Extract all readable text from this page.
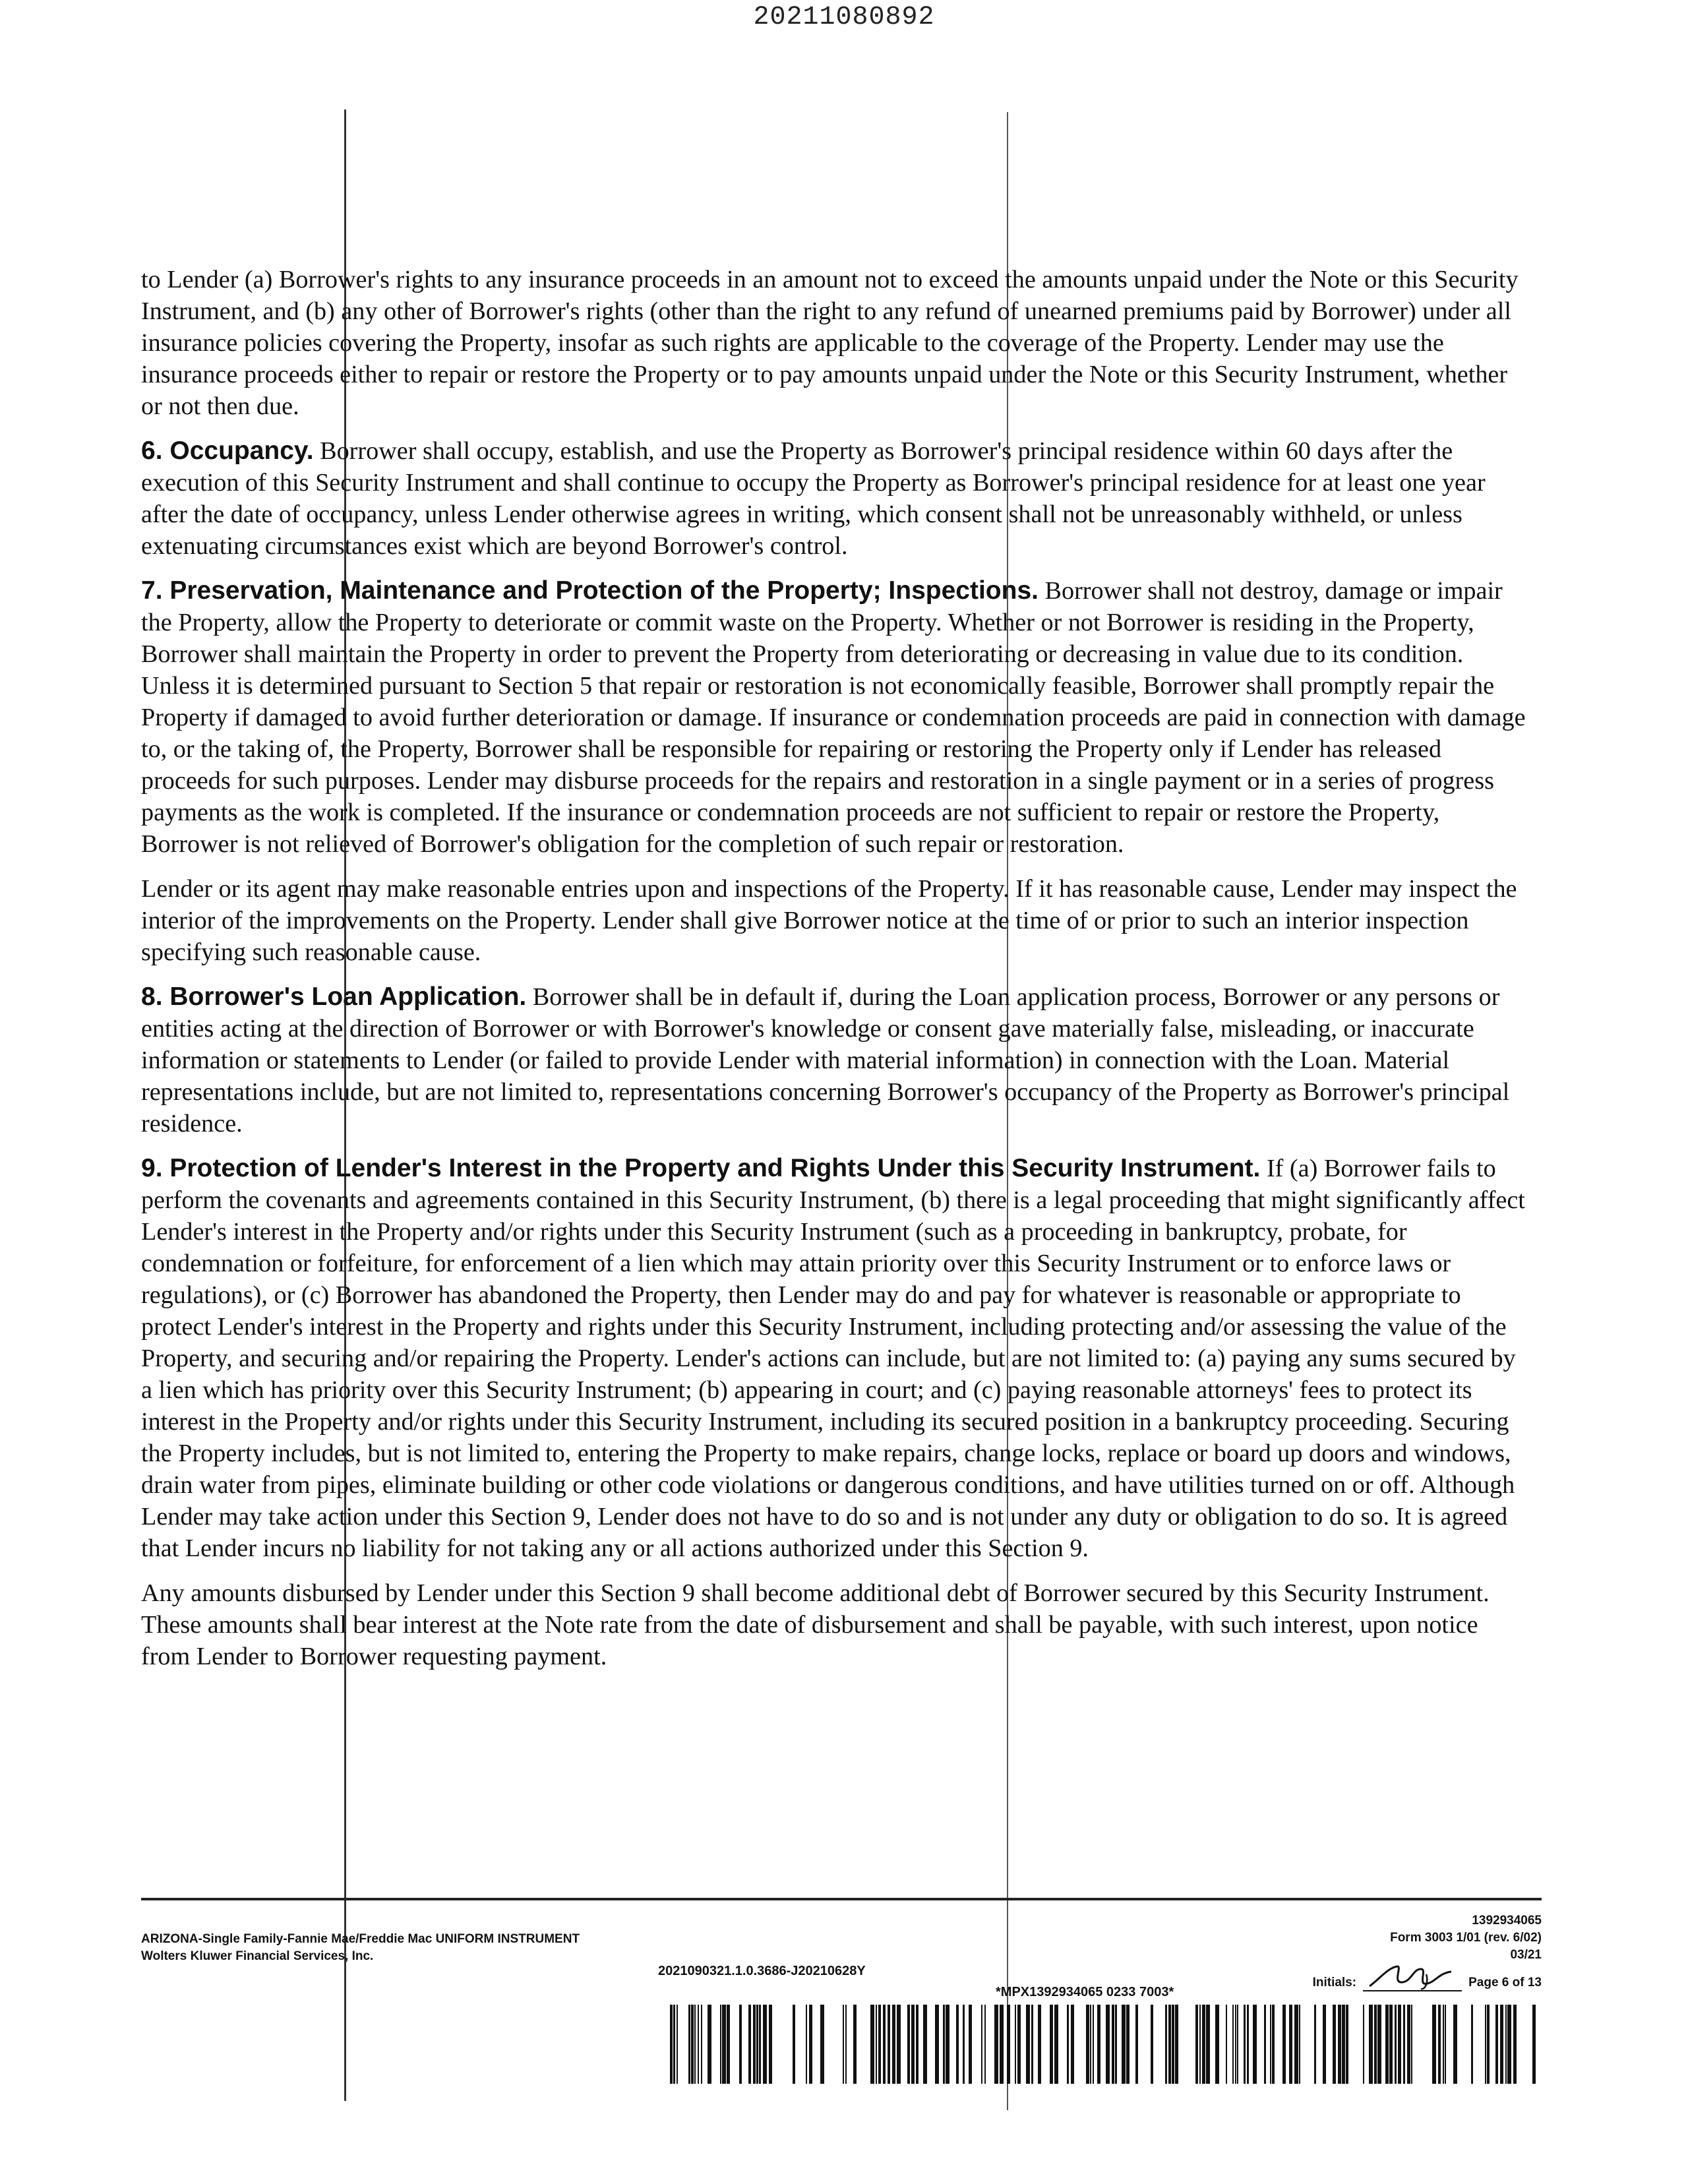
20211080892

to Lender (a) Borrower's rights to any insurance proceeds in an amount not to exceed the amounts unpaid under the Note or this Security Instrument, and (b) any other of Borrower's rights (other than the right to any refund of unearned premiums paid by Borrower) under all insurance policies covering the Property, insofar as such rights are applicable to the coverage of the Property. Lender may use the insurance proceeds either to repair or restore the Property or to pay amounts unpaid under the Note or this Security Instrument, whether or not then due.

6. Occupancy. Borrower shall occupy, establish, and use the Property as Borrower's principal residence within 60 days after the execution of this Security Instrument and shall continue to occupy the Property as Borrower's principal residence for at least one year after the date of occupancy, unless Lender otherwise agrees in writing, which consent shall not be unreasonably withheld, or unless extenuating circumstances exist which are beyond Borrower's control.

7. Preservation, Maintenance and Protection of the Property; Inspections. Borrower shall not destroy, damage or impair the Property, allow the Property to deteriorate or commit waste on the Property. Whether or not Borrower is residing in the Property, Borrower shall maintain the Property in order to prevent the Property from deteriorating or decreasing in value due to its condition. Unless it is determined pursuant to Section 5 that repair or restoration is not economically feasible, Borrower shall promptly repair the Property if damaged to avoid further deterioration or damage. If insurance or condemnation proceeds are paid in connection with damage to, or the taking of, the Property, Borrower shall be responsible for repairing or restoring the Property only if Lender has released proceeds for such purposes. Lender may disburse proceeds for the repairs and restoration in a single payment or in a series of progress payments as the work is completed. If the insurance or condemnation proceeds are not sufficient to repair or restore the Property, Borrower is not relieved of Borrower's obligation for the completion of such repair or restoration.

Lender or its agent may make reasonable entries upon and inspections of the Property. If it has reasonable cause, Lender may inspect the interior of the improvements on the Property. Lender shall give Borrower notice at the time of or prior to such an interior inspection specifying such reasonable cause.

8. Borrower's Loan Application. Borrower shall be in default if, during the Loan application process, Borrower or any persons or entities acting at the direction of Borrower or with Borrower's knowledge or consent gave materially false, misleading, or inaccurate information or statements to Lender (or failed to provide Lender with material information) in connection with the Loan. Material representations include, but are not limited to, representations concerning Borrower's occupancy of the Property as Borrower's principal residence.

9. Protection of Lender's Interest in the Property and Rights Under this Security Instrument. If (a) Borrower fails to perform the covenants and agreements contained in this Security Instrument, (b) there is a legal proceeding that might significantly affect Lender's interest in the Property and/or rights under this Security Instrument (such as a proceeding in bankruptcy, probate, for condemnation or forfeiture, for enforcement of a lien which may attain priority over this Security Instrument or to enforce laws or regulations), or (c) Borrower has abandoned the Property, then Lender may do and pay for whatever is reasonable or appropriate to protect Lender's interest in the Property and rights under this Security Instrument, including protecting and/or assessing the value of the Property, and securing and/or repairing the Property. Lender's actions can include, but are not limited to: (a) paying any sums secured by a lien which has priority over this Security Instrument; (b) appearing in court; and (c) paying reasonable attorneys' fees to protect its interest in the Property and/or rights under this Security Instrument, including its secured position in a bankruptcy proceeding. Securing the Property includes, but is not limited to, entering the Property to make repairs, change locks, replace or board up doors and windows, drain water from pipes, eliminate building or other code violations or dangerous conditions, and have utilities turned on or off. Although Lender may take action under this Section 9, Lender does not have to do so and is not under any duty or obligation to do so. It is agreed that Lender incurs no liability for not taking any or all actions authorized under this Section 9.

Any amounts disbursed by Lender under this Section 9 shall become additional debt of Borrower secured by this Security Instrument. These amounts shall bear interest at the Note rate from the date of disbursement and shall be payable, with such interest, upon notice from Lender to Borrower requesting payment.

ARIZONA-Single Family-Fannie Mae/Freddie Mac UNIFORM INSTRUMENT
Wolters Kluwer Financial Services, Inc.
2021090321.1.0.3686-J20210628Y
1392934065
Form 3003 1/01 (rev. 6/02)
03/21
Initials:	Page 6 of 13
*MPX1392934065 0233 7003*
